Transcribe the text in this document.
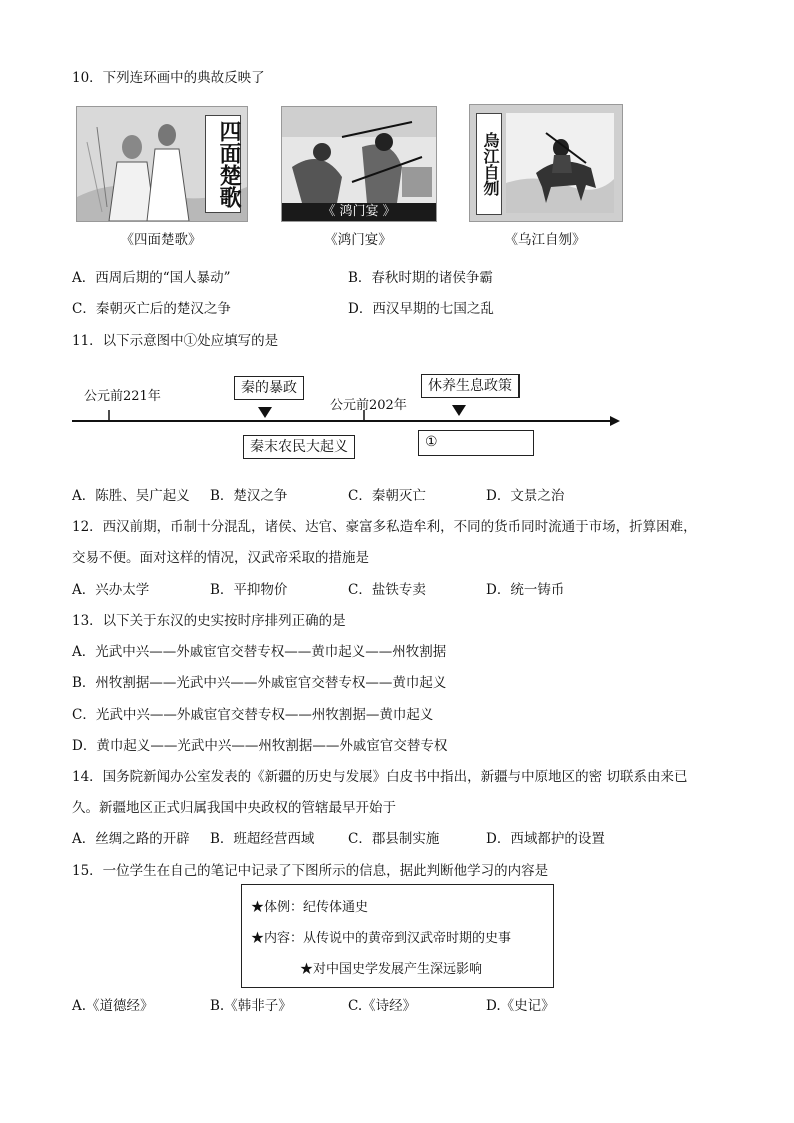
10．下列连环画中的典故反映了
四面楚歌
《四面楚歌》
《 鸿门宴 》
《鸿门宴》
烏江自刎
《乌江自刎》
A．西周后期的“国人暴动”	B．春秋时期的诸侯争霸
C．秦朝灭亡后的楚汉之争	D．西汉早期的七国之乱
11．以下示意图中①处应填写的是
公元前221年
公元前202年
秦的暴政
秦末农民大起义
休养生息政策
①
A．陈胜、吴广起义 B．楚汉之争	C．秦朝灭亡	D．文景之治
12．西汉前期，币制十分混乱，诸侯、达官、豪富多私造牟利，不同的货币同时流通于市场，折算困难，
交易不便。面对这样的情况，汉武帝采取的措施是
A．兴办太学	B．平抑物价	C．盐铁专卖	D．统一铸币
13．以下关于东汉的史实按时序排列正确的是
A．光武中兴——外戚宦官交替专权——黄巾起义——州牧割据
B．州牧割据——光武中兴——外戚宦官交替专权——黄巾起义
C．光武中兴——外戚宦官交替专权——州牧割据—黄巾起义
D．黄巾起义——光武中兴——州牧割据——外戚宦官交替专权
14．国务院新闻办公室发表的《新疆的历史与发展》白皮书中指出，新疆与中原地区的密 切联系由来已
久。新疆地区正式归属我国中央政权的管辖最早开始于
A．丝绸之路的开辟 B．班超经营西域 C．郡县制实施	D．西域都护的设置
15．一位学生在自己的笔记中记录了下图所示的信息，据此判断他学习的内容是
★体例：纪传体通史
★内容：从传说中的黄帝到汉武帝时期的史事
★对中国史学发展产生深远影响
A.《道德经》	B.《韩非子》	C.《诗经》	D.《史记》
